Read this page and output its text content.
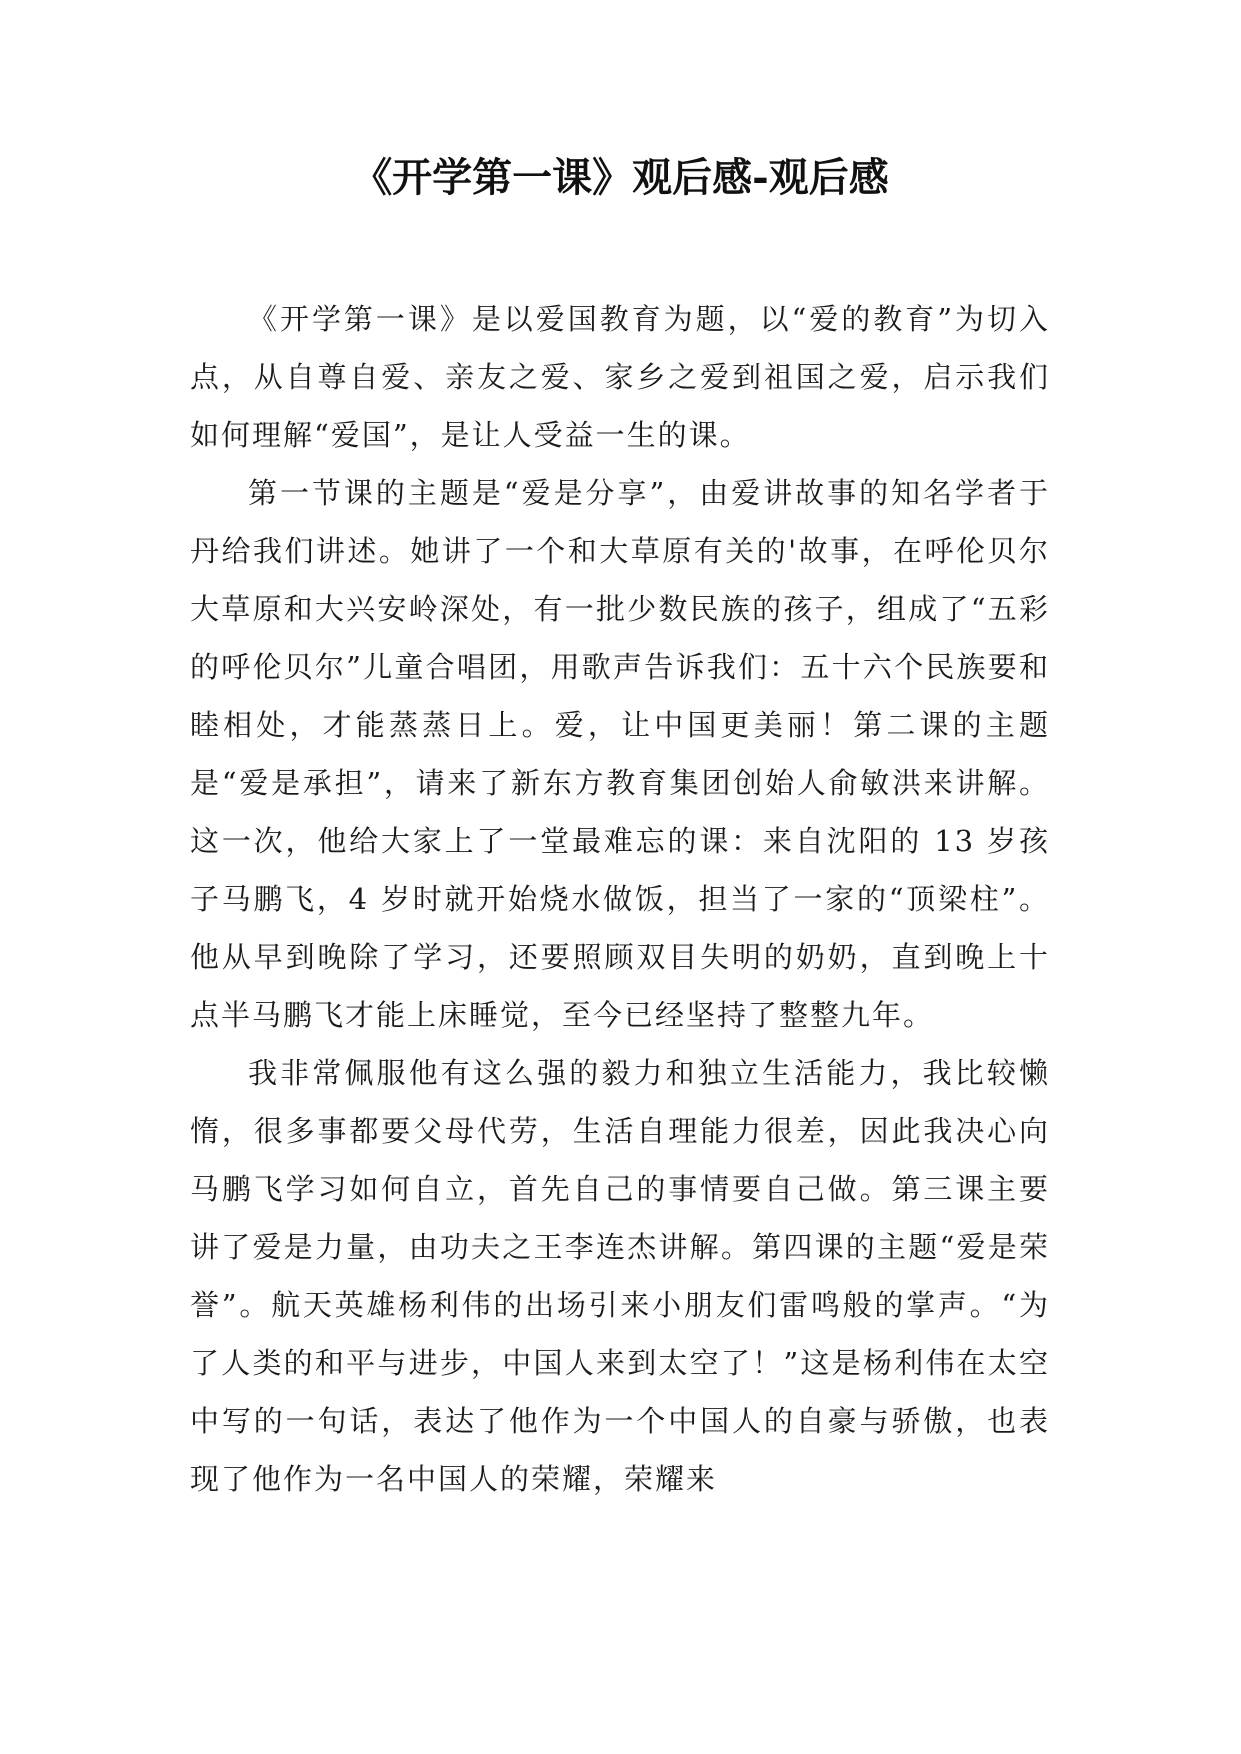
《开学第一课》观后感-观后感

《开学第一课》是以爱国教育为题，以“爱的教育”为切入点，从自尊自爱、亲友之爱、家乡之爱到祖国之爱，启示我们如何理解“爱国”，是让人受益一生的课。

第一节课的主题是“爱是分享”，由爱讲故事的知名学者于丹给我们讲述。她讲了一个和大草原有关的'故事，在呼伦贝尔大草原和大兴安岭深处，有一批少数民族的孩子，组成了“五彩的呼伦贝尔”儿童合唱团，用歌声告诉我们：五十六个民族要和睦相处，才能蒸蒸日上。爱，让中国更美丽！第二课的主题是“爱是承担”，请来了新东方教育集团创始人俞敏洪来讲解。这一次，他给大家上了一堂最难忘的课：来自沈阳的 13 岁孩子马鹏飞，4 岁时就开始烧水做饭，担当了一家的“顶梁柱”。他从早到晚除了学习，还要照顾双目失明的奶奶，直到晚上十点半马鹏飞才能上床睡觉，至今已经坚持了整整九年。

我非常佩服他有这么强的毅力和独立生活能力，我比较懒惰，很多事都要父母代劳，生活自理能力很差，因此我决心向马鹏飞学习如何自立，首先自己的事情要自己做。第三课主要讲了爱是力量，由功夫之王李连杰讲解。第四课的主题“爱是荣誉”。航天英雄杨利伟的出场引来小朋友们雷鸣般的掌声。“为了人类的和平与进步，中国人来到太空了！”这是杨利伟在太空中写的一句话，表达了他作为一个中国人的自豪与骄傲，也表现了他作为一名中国人的荣耀，荣耀来
